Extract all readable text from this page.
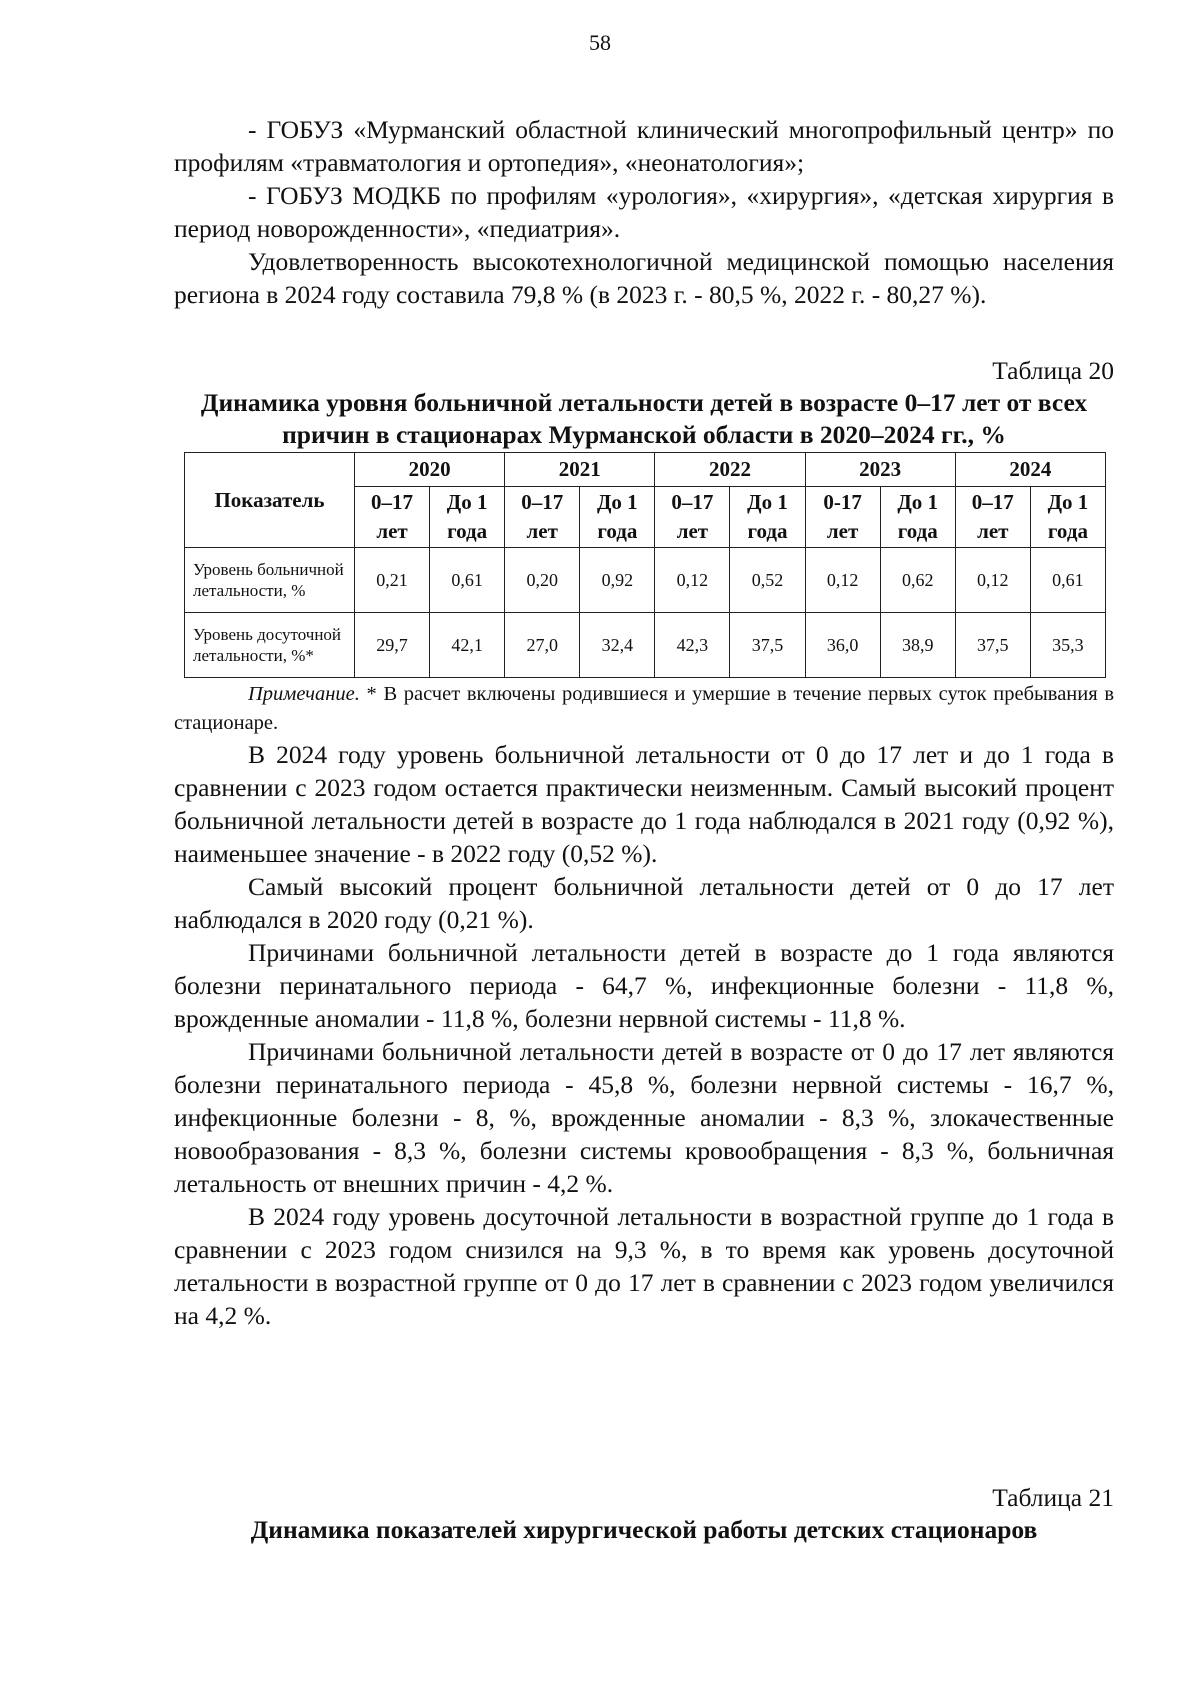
58

- ГОБУЗ «Мурманский областной клинический многопрофильный центр» по профилям «травматология и ортопедия», «неонатология»;

- ГОБУЗ МОДКБ по профилям «урология», «хирургия», «детская хирургия в период новорожденности», «педиатрия».

Удовлетворенность высокотехнологичной медицинской помощью населения региона в 2024 году составила 79,8 % (в 2023 г. - 80,5 %, 2022 г. - 80,27 %).

Таблица 20

Динамика уровня больничной летальности детей в возрасте 0–17 лет от всех причин в стационарах Мурманской области в 2020–2024 гг., %

Показатель	2020		2021		2022		2023		2024	
	0–17 лет	До 1 года	0–17 лет	До 1 года	0–17 лет	До 1 года	0-17 лет	До 1 года	0–17 лет	До 1 года
Уровень больничной летальности, %	0,21	0,61	0,20	0,92	0,12	0,52	0,12	0,62	0,12	0,61
Уровень досуточной летальности, %*	29,7	42,1	27,0	32,4	42,3	37,5	36,0	38,9	37,5	35,3

Примечание. * В расчет включены родившиеся и умершие в течение первых суток пребывания в стационаре.

В 2024 году уровень больничной летальности от 0 до 17 лет и до 1 года в сравнении с 2023 годом остается практически неизменным. Самый высокий процент больничной летальности детей в возрасте до 1 года наблюдался в 2021 году (0,92 %), наименьшее значение - в 2022 году (0,52 %).

Самый высокий процент больничной летальности детей от 0 до 17 лет наблюдался в 2020 году (0,21 %).

Причинами больничной летальности детей в возрасте до 1 года являются болезни перинатального периода - 64,7 %, инфекционные болезни - 11,8 %, врожденные аномалии - 11,8 %, болезни нервной системы - 11,8 %.

Причинами больничной летальности детей в возрасте от 0 до 17 лет являются болезни перинатального периода - 45,8 %, болезни нервной системы - 16,7 %, инфекционные болезни - 8, %, врожденные аномалии - 8,3 %, злокачественные новообразования - 8,3 %, болезни системы кровообращения - 8,3 %, больничная летальность от внешних причин - 4,2 %.

В 2024 году уровень досуточной летальности в возрастной группе до 1 года в сравнении с 2023 годом снизился на 9,3 %, в то время как уровень досуточной летальности в возрастной группе от 0 до 17 лет в сравнении с 2023 годом увеличился на 4,2 %.

Таблица 21
Динамика показателей хирургической работы детских стационаров
